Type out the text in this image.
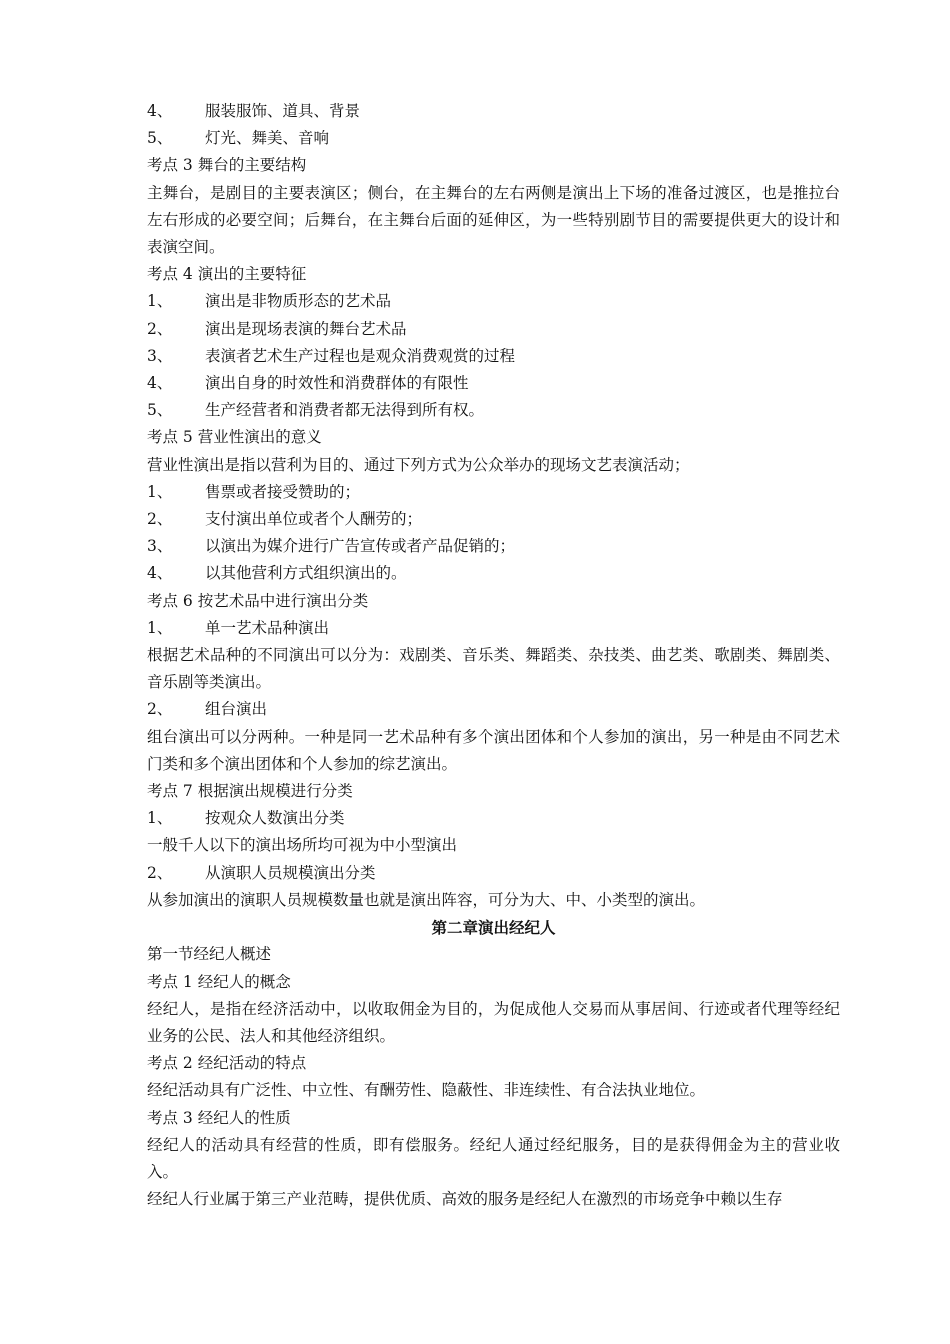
4、	服装服饰、道具、背景

5、	灯光、舞美、音响

考点 3 舞台的主要结构

主舞台，是剧目的主要表演区；侧台，在主舞台的左右两侧是演出上下场的准备过渡区，也是推拉台左右形成的必要空间；后舞台，在主舞台后面的延伸区，为一些特别剧节目的需要提供更大的设计和表演空间。

考点 4 演出的主要特征

1、	演出是非物质形态的艺术品

2、	演出是现场表演的舞台艺术品

3、	表演者艺术生产过程也是观众消费观赏的过程

4、	演出自身的时效性和消费群体的有限性

5、	生产经营者和消费者都无法得到所有权。

考点 5 营业性演出的意义

营业性演出是指以营利为目的、通过下列方式为公众举办的现场文艺表演活动；

1、	售票或者接受赞助的；

2、	支付演出单位或者个人酬劳的；

3、	以演出为媒介进行广告宣传或者产品促销的；

4、	以其他营利方式组织演出的。

考点 6 按艺术品中进行演出分类

1、	单一艺术品种演出

根据艺术品种的不同演出可以分为：戏剧类、音乐类、舞蹈类、杂技类、曲艺类、歌剧类、舞剧类、音乐剧等类演出。

2、	组台演出

组台演出可以分两种。一种是同一艺术品种有多个演出团体和个人参加的演出，另一种是由不同艺术门类和多个演出团体和个人参加的综艺演出。

考点 7 根据演出规模进行分类

1、	按观众人数演出分类

一般千人以下的演出场所均可视为中小型演出

2、	从演职人员规模演出分类

从参加演出的演职人员规模数量也就是演出阵容，可分为大、中、小类型的演出。

第二章演出经纪人

第一节经纪人概述

考点 1 经纪人的概念

经纪人，是指在经济活动中，以收取佣金为目的，为促成他人交易而从事居间、行迹或者代理等经纪业务的公民、法人和其他经济组织。

考点 2 经纪活动的特点

经纪活动具有广泛性、中立性、有酬劳性、隐蔽性、非连续性、有合法执业地位。

考点 3 经纪人的性质

经纪人的活动具有经营的性质，即有偿服务。经纪人通过经纪服务，目的是获得佣金为主的营业收入。

经纪人行业属于第三产业范畴，提供优质、高效的服务是经纪人在激烈的市场竞争中赖以生存
